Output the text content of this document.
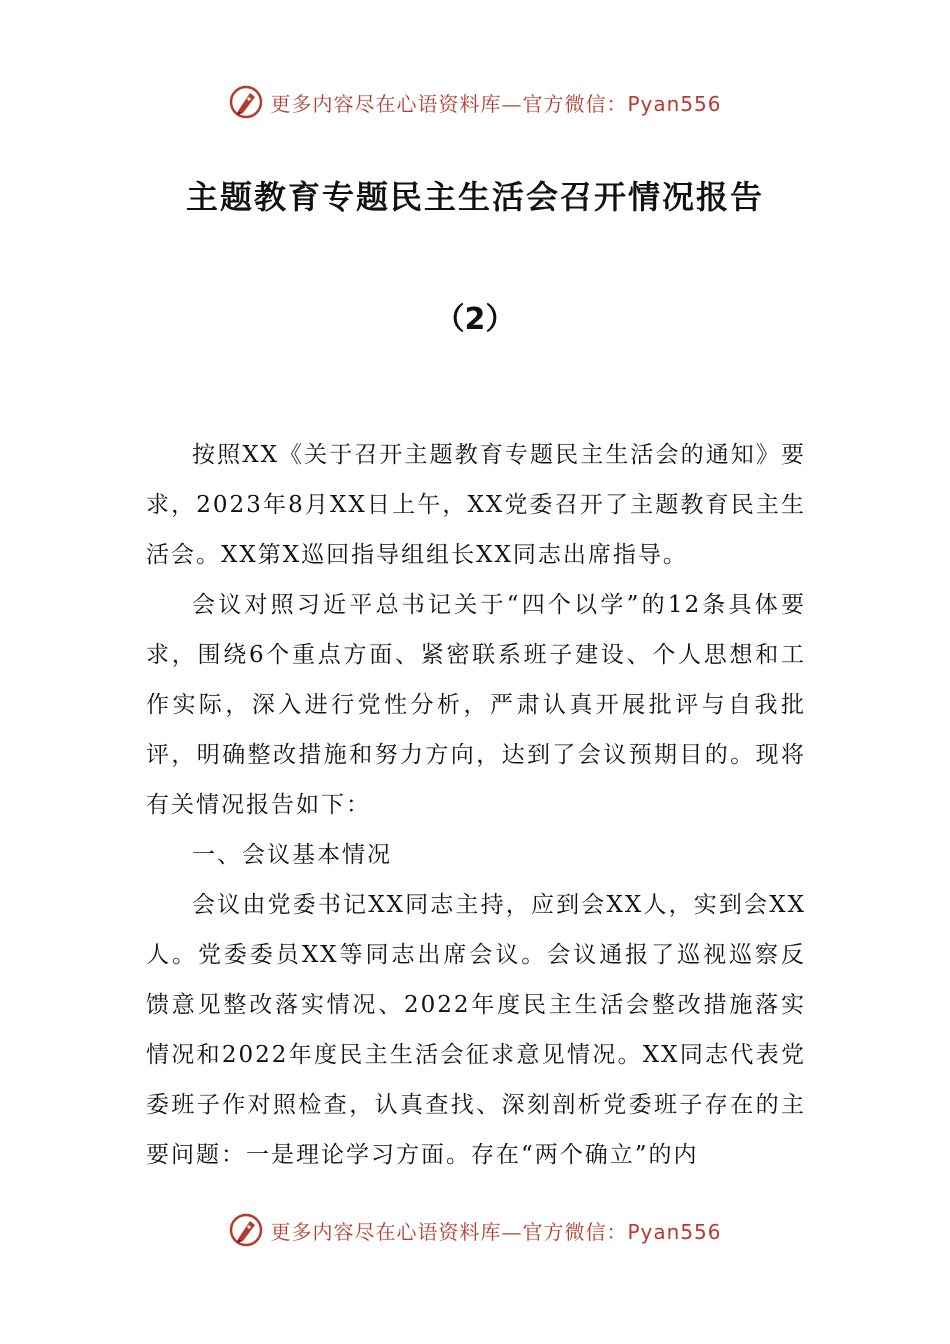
更多内容尽在心语资料库—官方微信：Pyan556
主题教育专题民主生活会召开情况报告
（2）

按照XX《关于召开主题教育专题民主生活会的通知》要求，2023年8月XX日上午，XX党委召开了主题教育民主生活会。XX第X巡回指导组组长XX同志出席指导。

会议对照习近平总书记关于“四个以学”的12条具体要求，围绕6个重点方面、紧密联系班子建设、个人思想和工作实际，深入进行党性分析，严肃认真开展批评与自我批评，明确整改措施和努力方向，达到了会议预期目的。现将有关情况报告如下：

一、会议基本情况

会议由党委书记XX同志主持，应到会XX人，实到会XX人。党委委员XX等同志出席会议。会议通报了巡视巡察反馈意见整改落实情况、2022年度民主生活会整改措施落实情况和2022年度民主生活会征求意见情况。XX同志代表党委班子作对照检查，认真查找、深刻剖析党委班子存在的主要问题：一是理论学习方面。存在“两个确立”的内

更多内容尽在心语资料库—官方微信：Pyan556
